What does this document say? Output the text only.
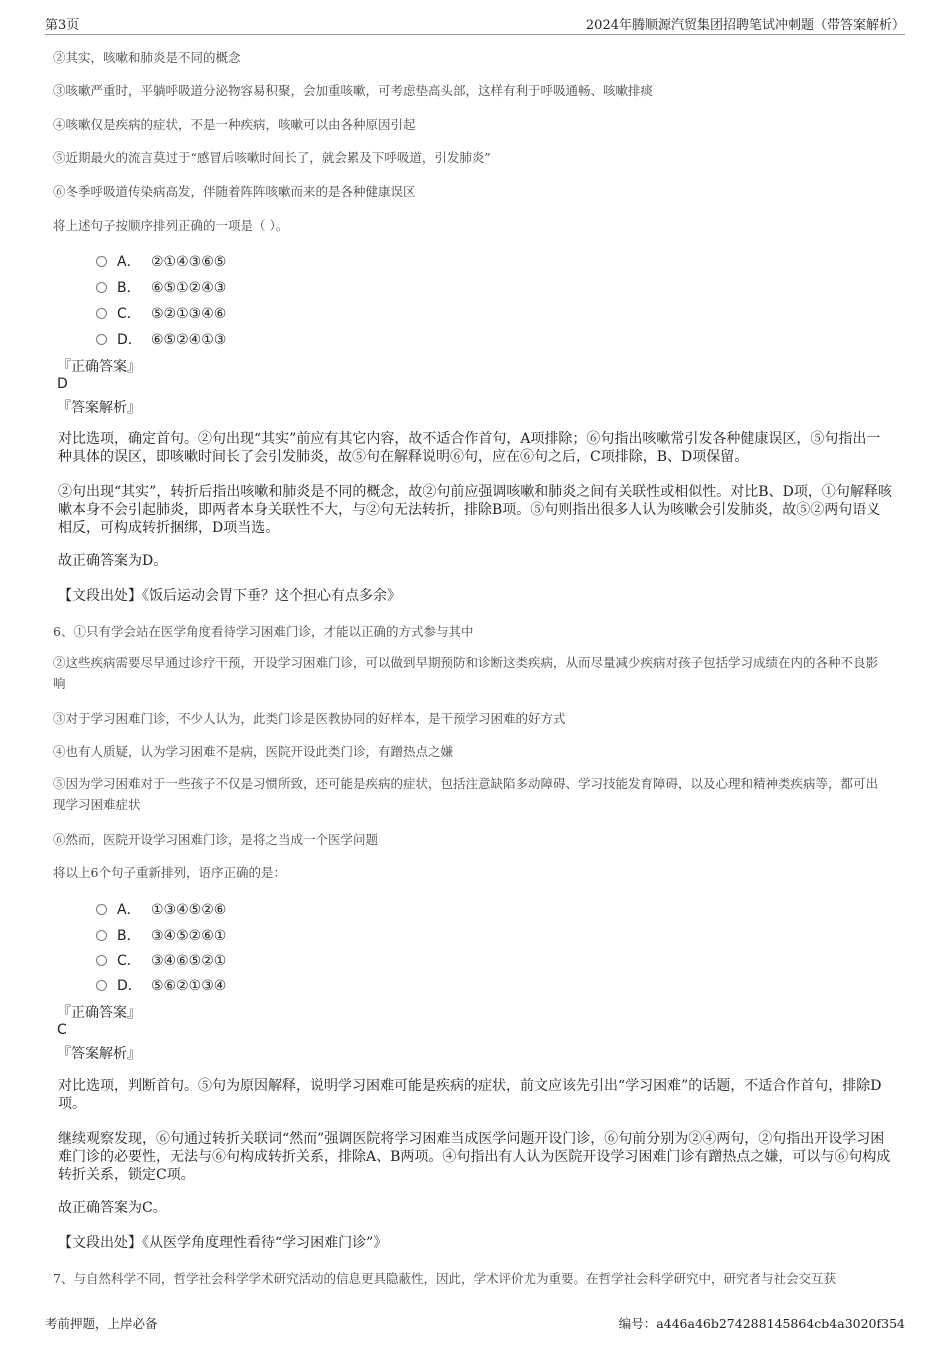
第3页	2024年腾顺源汽贸集团招聘笔试冲刺题（带答案解析）
②其实，咳嗽和肺炎是不同的概念
③咳嗽严重时，平躺呼吸道分泌物容易积聚，会加重咳嗽，可考虑垫高头部，这样有利于呼吸通畅、咳嗽排痰
④咳嗽仅是疾病的症状，不是一种疾病，咳嗽可以由各种原因引起
⑤近期最火的流言莫过于“感冒后咳嗽时间长了，就会累及下呼吸道，引发肺炎”
⑥冬季呼吸道传染病高发，伴随着阵阵咳嗽而来的是各种健康误区
将上述句子按顺序排列正确的一项是（ ）。
A． ②①④③⑥⑤
B． ⑥⑤①②④③
C． ⑤②①③④⑥
D． ⑥⑤②④①③
『正确答案』
D
『答案解析』
对比选项，确定首句。②句出现“其实”前应有其它内容，故不适合作首句，A项排除；⑥句指出咳嗽常引发各种健康误区，⑤句指出一种具体的误区，即咳嗽时间长了会引发肺炎，故⑤句在解释说明⑥句，应在⑥句之后，C项排除，B、D项保留。
②句出现“其实”，转折后指出咳嗽和肺炎是不同的概念，故②句前应强调咳嗽和肺炎之间有关联性或相似性。对比B、D项，①句解释咳嗽本身不会引起肺炎，即两者本身关联性不大，与②句无法转折，排除B项。⑤句则指出很多人认为咳嗽会引发肺炎，故⑤②两句语义相反，可构成转折捆绑，D项当选。
故正确答案为D。
【文段出处】《饭后运动会胃下垂？这个担心有点多余》
6、①只有学会站在医学角度看待学习困难门诊，才能以正确的方式参与其中
②这些疾病需要尽早通过诊疗干预，开设学习困难门诊，可以做到早期预防和诊断这类疾病，从而尽量减少疾病对孩子包括学习成绩在内的各种不良影响
③对于学习困难门诊，不少人认为，此类门诊是医教协同的好样本，是干预学习困难的好方式
④也有人质疑，认为学习困难不是病，医院开设此类门诊，有蹭热点之嫌
⑤因为学习困难对于一些孩子不仅是习惯所致，还可能是疾病的症状，包括注意缺陷多动障碍、学习技能发育障碍，以及心理和精神类疾病等，都可出现学习困难症状
⑥然而，医院开设学习困难门诊，是将之当成一个医学问题
将以上6个句子重新排列，语序正确的是：
A． ①③④⑤②⑥
B． ③④⑤②⑥①
C． ③④⑥⑤②①
D． ⑤⑥②①③④
『正确答案』
C
『答案解析』
对比选项，判断首句。⑤句为原因解释，说明学习困难可能是疾病的症状，前文应该先引出“学习困难”的话题，不适合作首句，排除D项。
继续观察发现，⑥句通过转折关联词“然而”强调医院将学习困难当成医学问题开设门诊，⑥句前分别为②④两句，②句指出开设学习困难门诊的必要性，无法与⑥句构成转折关系，排除A、B两项。④句指出有人认为医院开设学习困难门诊有蹭热点之嫌，可以与⑥句构成转折关系，锁定C项。
故正确答案为C。
【文段出处】《从医学角度理性看待“学习困难门诊”》
7、与自然科学不同，哲学社会科学学术研究活动的信息更具隐蔽性，因此，学术评价尤为重要。在哲学社会科学研究中，研究者与社会交互获
考前押题，上岸必备	编号：a446a46b274288145864cb4a3020f354
